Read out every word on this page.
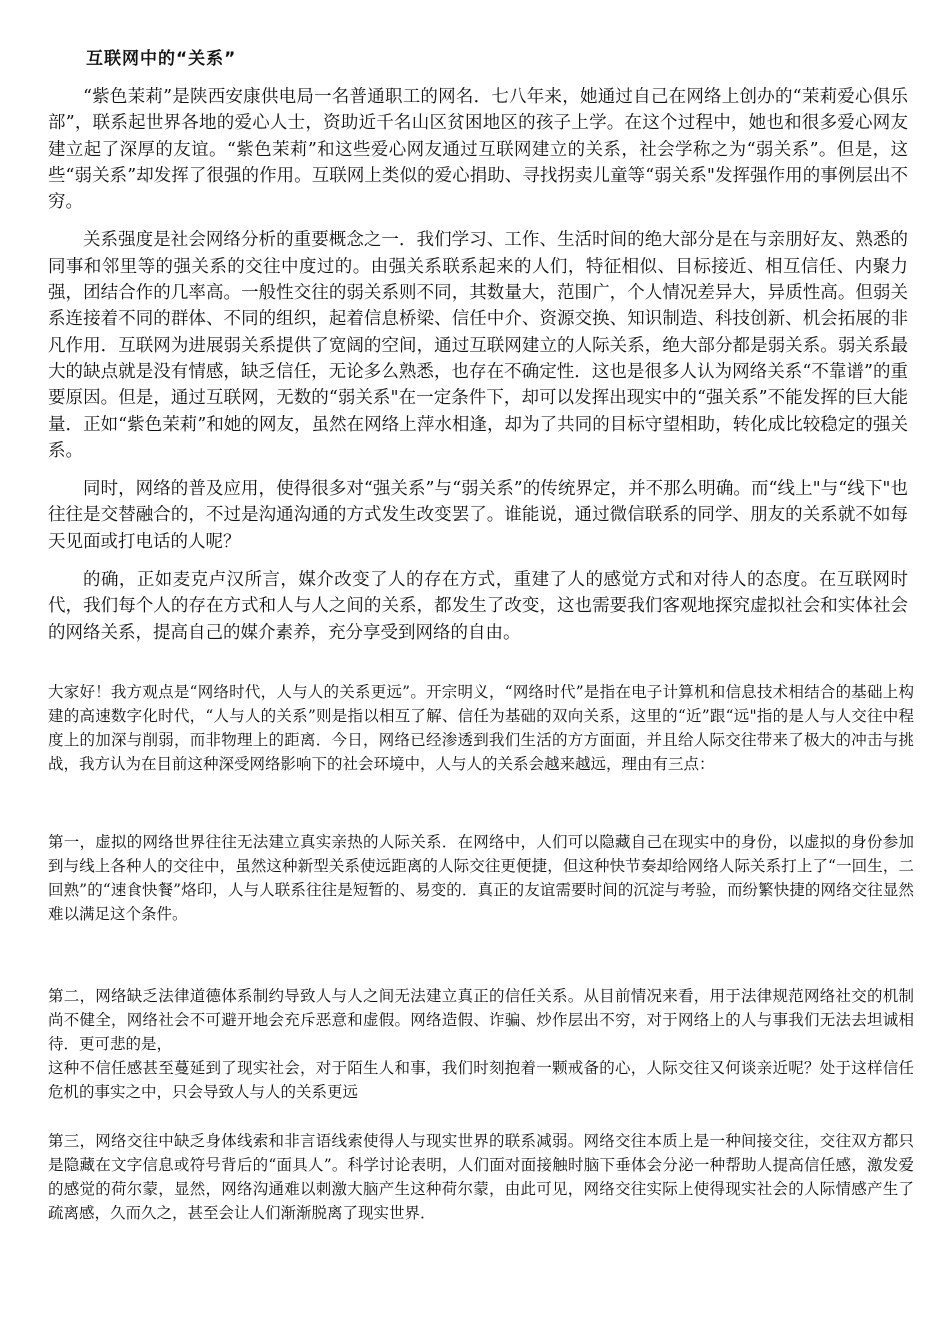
互联网中的“关系”

“紫色茉莉”是陕西安康供电局一名普通职工的网名．七八年来，她通过自己在网络上创办的“茉莉爱心俱乐部”，联系起世界各地的爱心人士，资助近千名山区贫困地区的孩子上学。在这个过程中，她也和很多爱心网友建立起了深厚的友谊。“紫色茉莉”和这些爱心网友通过互联网建立的关系，社会学称之为“弱关系”。但是，这些“弱关系”却发挥了很强的作用。互联网上类似的爱心捐助、寻找拐卖儿童等“弱关系"发挥强作用的事例层出不穷。

关系强度是社会网络分析的重要概念之一．我们学习、工作、生活时间的绝大部分是在与亲朋好友、熟悉的同事和邻里等的强关系的交往中度过的。由强关系联系起来的人们，特征相似、目标接近、相互信任、内聚力强，团结合作的几率高。一般性交往的弱关系则不同，其数量大，范围广，个人情况差异大，异质性高。但弱关系连接着不同的群体、不同的组织，起着信息桥梁、信任中介、资源交换、知识制造、科技创新、机会拓展的非凡作用．互联网为进展弱关系提供了宽阔的空间，通过互联网建立的人际关系，绝大部分都是弱关系。弱关系最大的缺点就是没有情感，缺乏信任，无论多么熟悉，也存在不确定性．这也是很多人认为网络关系“不靠谱”的重要原因。但是，通过互联网，无数的“弱关系"在一定条件下，却可以发挥出现实中的“强关系”不能发挥的巨大能量．正如“紫色茉莉”和她的网友，虽然在网络上萍水相逢，却为了共同的目标守望相助，转化成比较稳定的强关系。

同时，网络的普及应用，使得很多对“强关系”与“弱关系”的传统界定，并不那么明确。而“线上"与“线下"也往往是交替融合的，不过是沟通沟通的方式发生改变罢了。谁能说，通过微信联系的同学、朋友的关系就不如每天见面或打电话的人呢？

的确，正如麦克卢汉所言，媒介改变了人的存在方式，重建了人的感觉方式和对待人的态度。在互联网时代，我们每个人的存在方式和人与人之间的关系，都发生了改变，这也需要我们客观地探究虚拟社会和实体社会的网络关系，提高自己的媒介素养，充分享受到网络的自由。

大家好！我方观点是“网络时代，人与人的关系更远”。开宗明义，“网络时代”是指在电子计算机和信息技术相结合的基础上构建的高速数字化时代，“人与人的关系”则是指以相互了解、信任为基础的双向关系，这里的“近”跟“远"指的是人与人交往中程度上的加深与削弱，而非物理上的距离．今日，网络已经渗透到我们生活的方方面面，并且给人际交往带来了极大的冲击与挑战，我方认为在目前这种深受网络影响下的社会环境中，人与人的关系会越来越远，理由有三点：

第一，虚拟的网络世界往往无法建立真实亲热的人际关系．在网络中，人们可以隐藏自己在现实中的身份，以虚拟的身份参加到与线上各种人的交往中，虽然这种新型关系使远距离的人际交往更便捷，但这种快节奏却给网络人际关系打上了“一回生，二回熟”的“速食快餐”烙印，人与人联系往往是短暂的、易变的．真正的友谊需要时间的沉淀与考验，而纷繁快捷的网络交往显然难以满足这个条件。

第二，网络缺乏法律道德体系制约导致人与人之间无法建立真正的信任关系。从目前情况来看，用于法律规范网络社交的机制尚不健全，网络社会不可避开地会充斥恶意和虚假。网络造假、诈骗、炒作层出不穷，对于网络上的人与事我们无法去坦诚相待．更可悲的是，

这种不信任感甚至蔓延到了现实社会，对于陌生人和事，我们时刻抱着一颗戒备的心，人际交往又何谈亲近呢？处于这样信任危机的事实之中，只会导致人与人的关系更远

第三，网络交往中缺乏身体线索和非言语线索使得人与现实世界的联系减弱。网络交往本质上是一种间接交往，交往双方都只是隐藏在文字信息或符号背后的“面具人”。科学讨论表明，人们面对面接触时脑下垂体会分泌一种帮助人提高信任感，激发爱的感觉的荷尔蒙，显然，网络沟通难以刺激大脑产生这种荷尔蒙，由此可见，网络交往实际上使得现实社会的人际情感产生了疏离感，久而久之，甚至会让人们渐渐脱离了现实世界．
